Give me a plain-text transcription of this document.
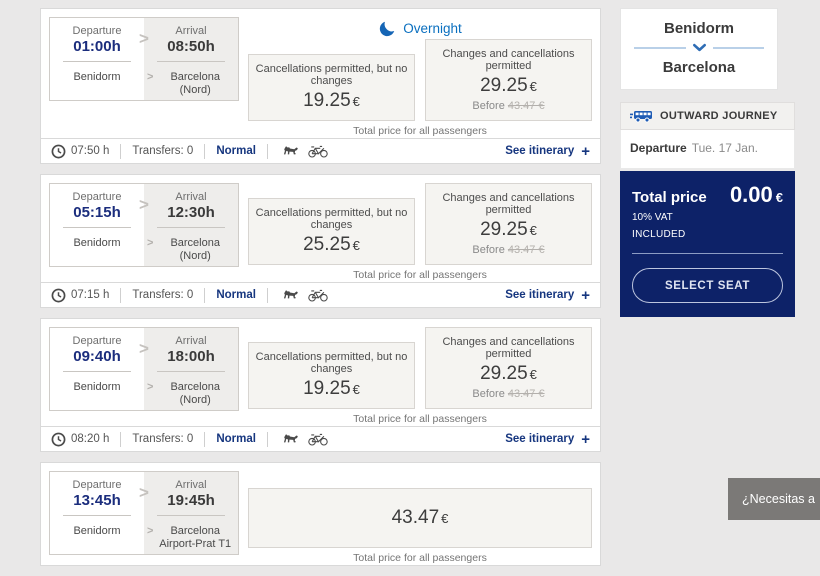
Departure
01:00h
Benidorm
Arrival
08:50h
>	Barcelona (Nord)
>
Overnight
Cancellations permitted, but no changes
19.25 €
Changes and cancellations permitted
29.25 €
Before 43.47 €
Total price for all passengers
07:50 h Transfers: 0 Normal	See itinerary +
Departure
05:15h
Benidorm
Arrival
12:30h
>	Barcelona (Nord)
>	Cancellations permitted, but no changes
25.25 €
Changes and cancellations permitted
29.25 €
Before 43.47 €
Total price for all passengers
07:15 h Transfers: 0 Normal	See itinerary +
Departure
09:40h
Benidorm
Arrival
18:00h
>	Barcelona (Nord)
>	Cancellations permitted, but no changes
19.25 €
Changes and cancellations permitted
29.25 €
Before 43.47 €
Total price for all passengers
08:20 h Transfers: 0 Normal	See itinerary +
Departure
13:45h
Benidorm
Arrival
19:45h
>	Barcelona Airport-Prat T1
>
43.47 €
Total price for all passengers
Benidorm
Barcelona
OUTWARD JOURNEY
Departure Tue. 17 Jan.
Total price 0.00 €
10% VAT
INCLUDED
SELECT SEAT
¿Necesitas a
